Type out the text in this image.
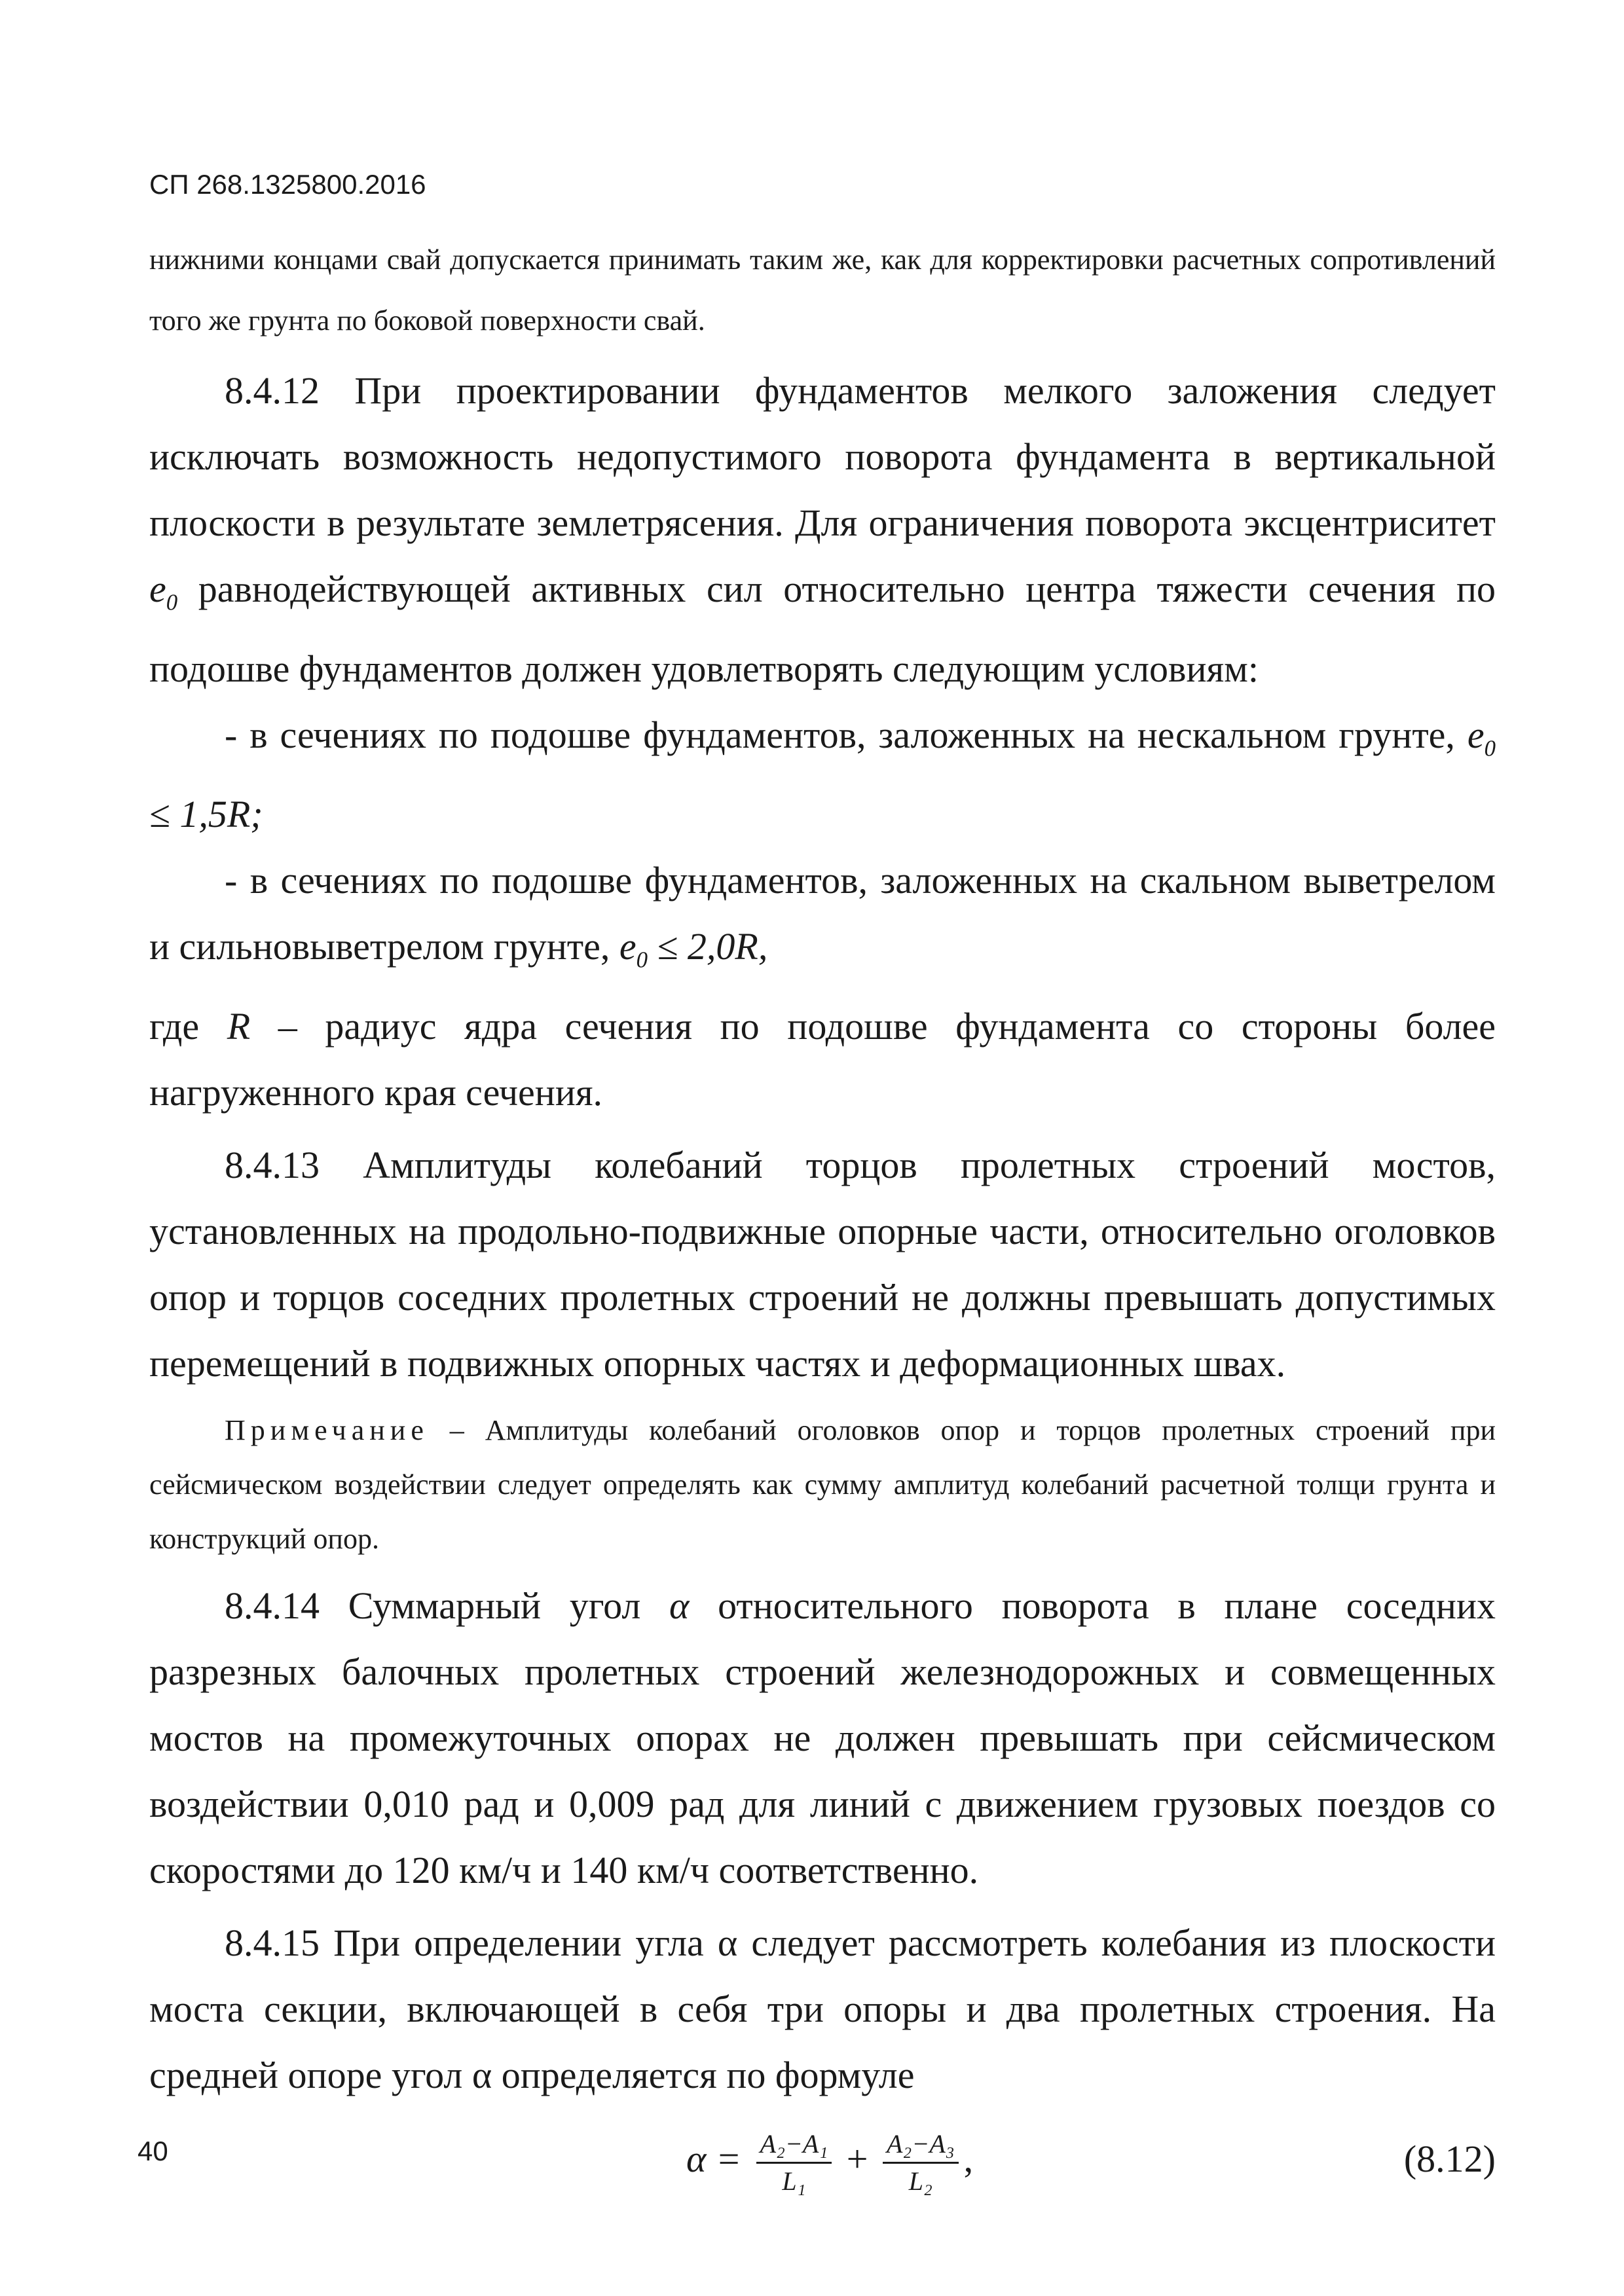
СП 268.1325800.2016

нижними концами свай допускается принимать таким же, как для корректировки расчетных сопротивлений того же грунта по боковой поверхности свай.

8.4.12 При проектировании фундаментов мелкого заложения следует исключать возможность недопустимого поворота фундамента в вертикальной плоскости в результате землетрясения. Для ограничения поворота эксцентриситет $e_0$ равнодействующей активных сил относительно центра тяжести сечения по подошве фундаментов должен удовлетворять следующим условиям:

- в сечениях по подошве фундаментов, заложенных на нескальном грунте, $e_0 \le 1,5R$;

- в сечениях по подошве фундаментов, заложенных на скальном выветрелом и сильновыветрелом грунте, $e_0 \le 2,0R$,

где R – радиус ядра сечения по подошве фундамента со стороны более нагруженного края сечения.

8.4.13 Амплитуды колебаний торцов пролетных строений мостов, установленных на продольно-подвижные опорные части, относительно оголовков опор и торцов соседних пролетных строений не должны превышать допустимых перемещений в подвижных опорных частях и деформационных швах.

Примечание – Амплитуды колебаний оголовков опор и торцов пролетных строений при сейсмическом воздействии следует определять как сумму амплитуд колебаний расчетной толщи грунта и конструкций опор.

8.4.14 Суммарный угол α относительного поворота в плане соседних разрезных балочных пролетных строений железнодорожных и совмещенных мостов на промежуточных опорах не должен превышать при сейсмическом воздействии 0,010 рад и 0,009 рад для линий с движением грузовых поездов со скоростями до 120 км/ч и 140 км/ч соответственно.

8.4.15 При определении угла α следует рассмотреть колебания из плоскости моста секции, включающей в себя три опоры и два пролетных строения. На средней опоре угол α определяется по формуле

$\alpha = \frac{\text{A₂−A₁}}{\text{L₁}} + \frac{\text{A₂−A₃}}{\text{L₂}}$ ,	(8.12)
40
